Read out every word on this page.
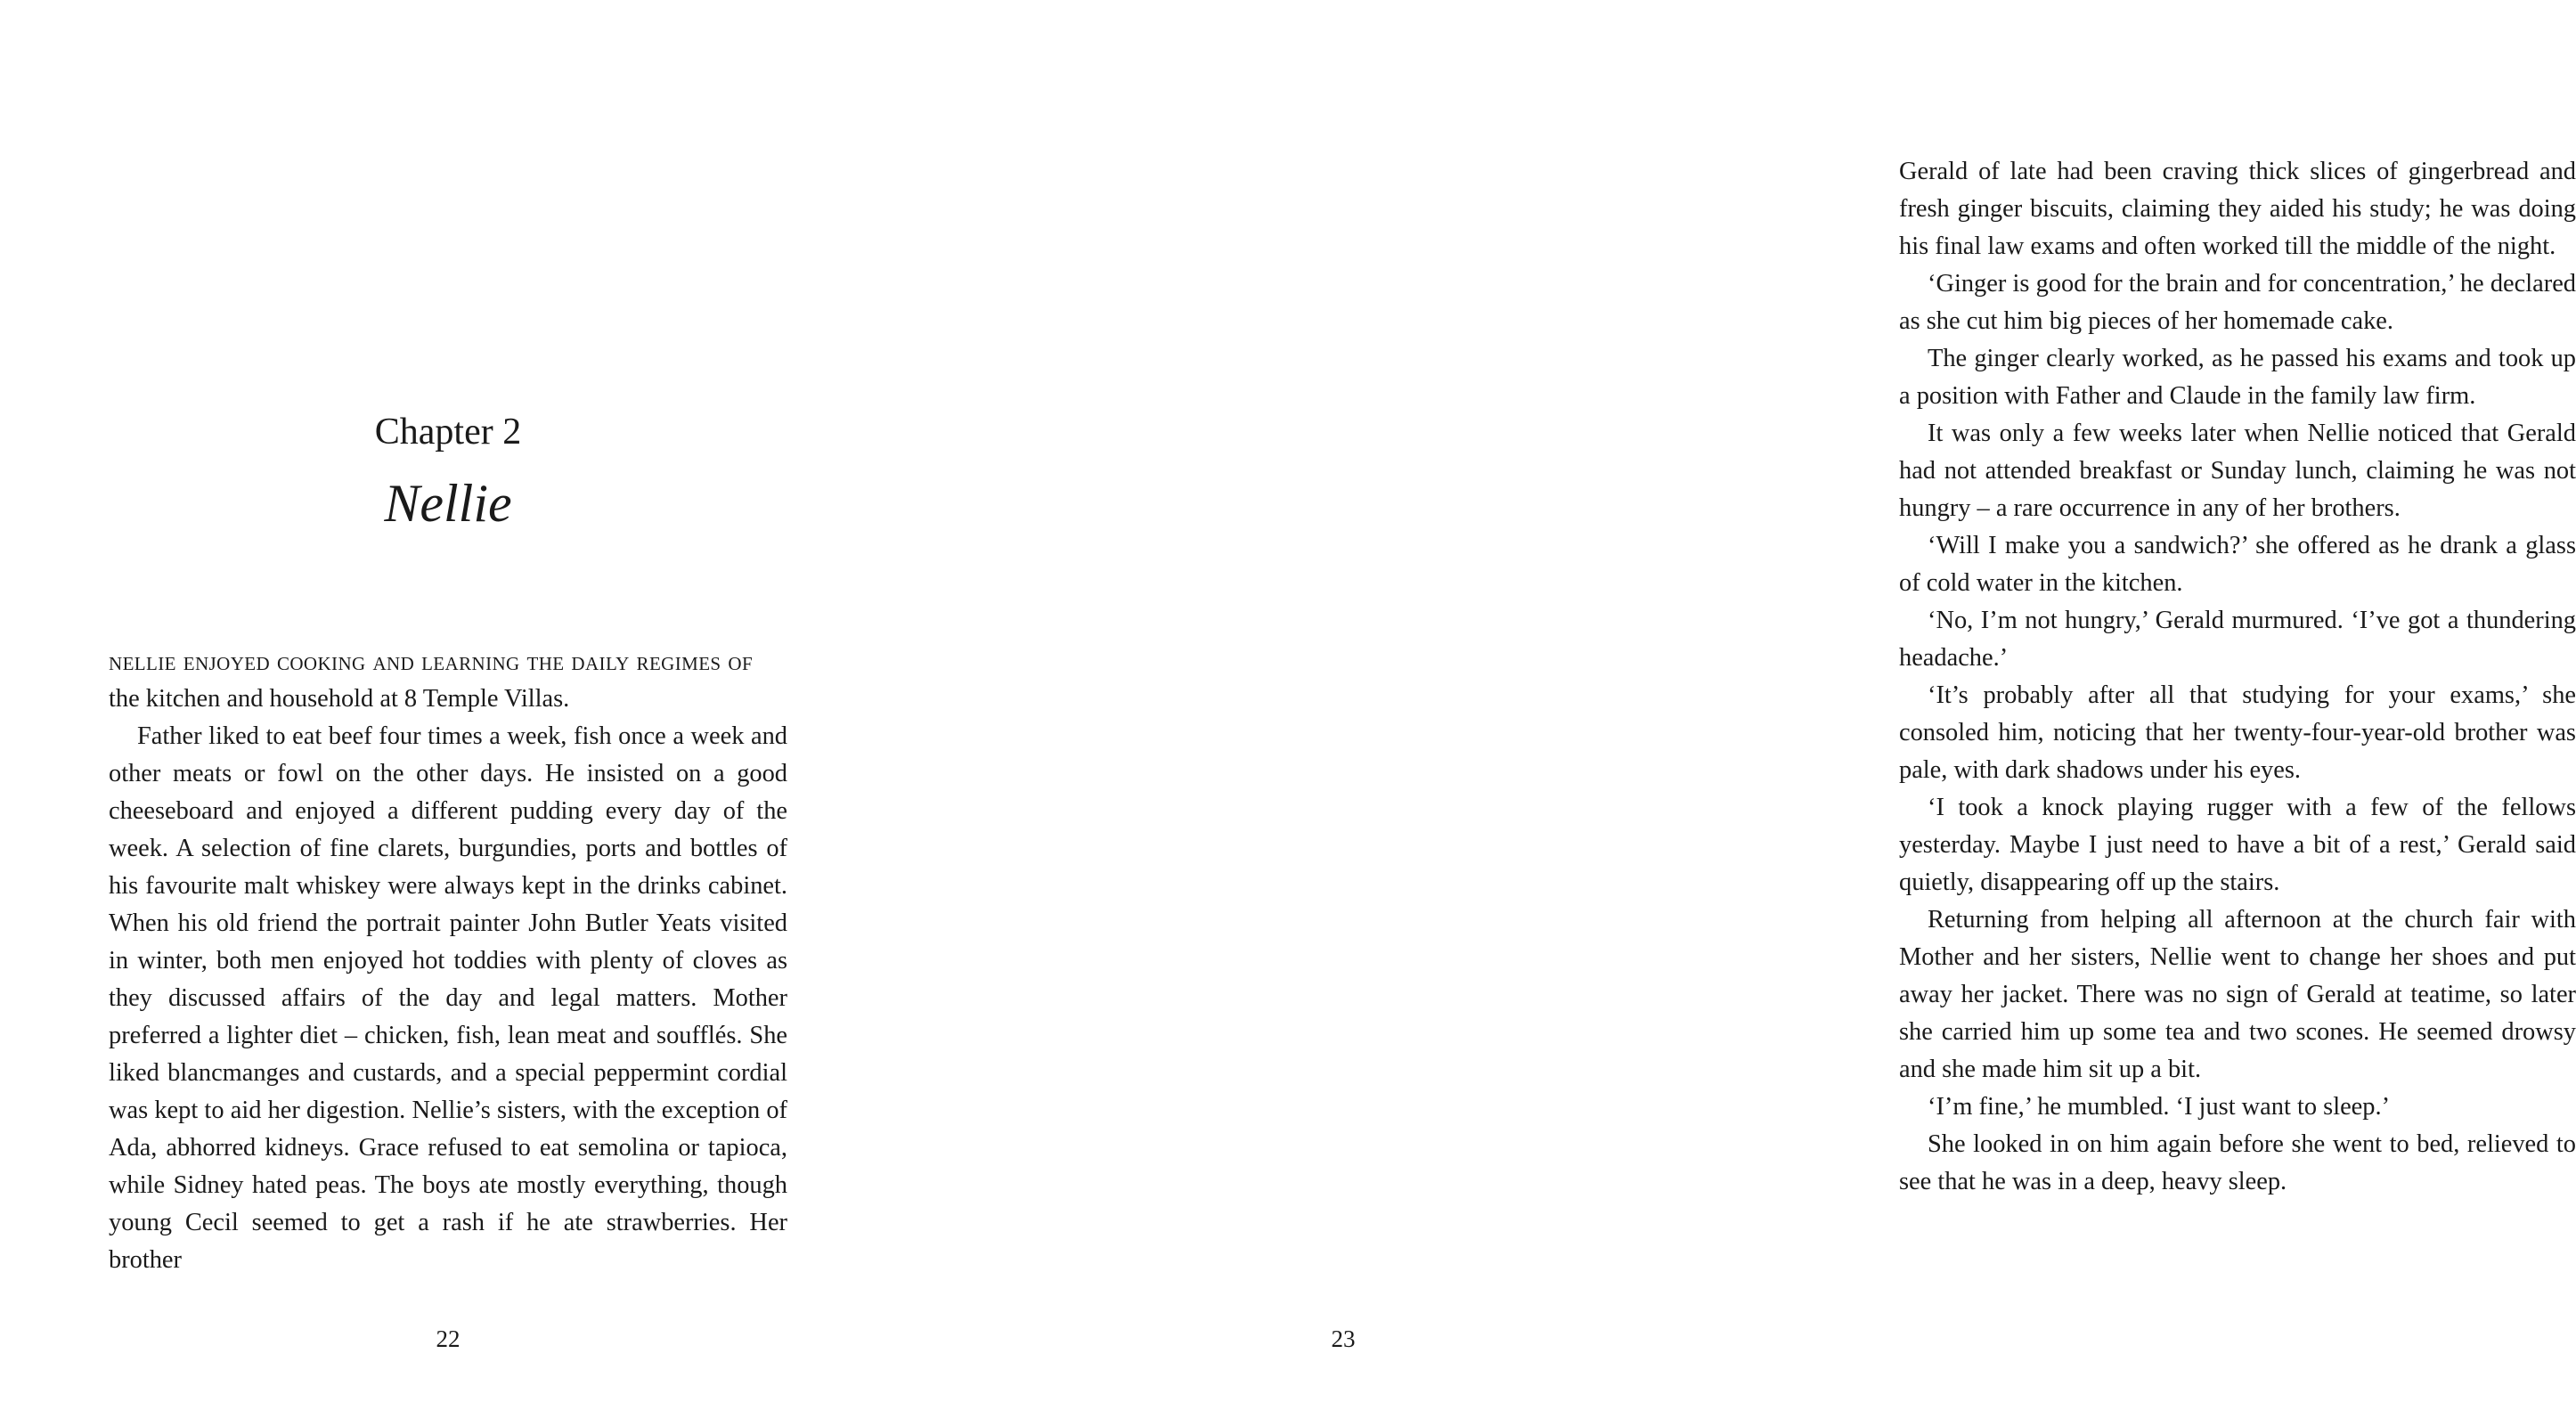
Chapter 2
Nellie

nellie enjoyed cooking and learning the daily regimes of

the kitchen and household at 8 Temple Villas.

Father liked to eat beef four times a week, fish once a week and other meats or fowl on the other days. He insisted on a good cheeseboard and enjoyed a different pudding every day of the week. A selection of fine clarets, burgundies, ports and bottles of his favourite malt whiskey were always kept in the drinks cabinet. When his old friend the portrait painter John Butler Yeats visited in winter, both men enjoyed hot toddies with plenty of cloves as they discussed affairs of the day and legal matters. Mother preferred a lighter diet – chicken, fish, lean meat and soufflés. She liked blancmanges and custards, and a special peppermint cordial was kept to aid her digestion. Nellie’s sisters, with the exception of Ada, abhorred kidneys. Grace refused to eat semolina or tapioca, while Sidney hated peas. The boys ate mostly everything, though young Cecil seemed to get a rash if he ate strawberries. Her brother

22

Gerald of late had been craving thick slices of gingerbread and fresh ginger biscuits, claiming they aided his study; he was doing his final law exams and often worked till the middle of the night.

‘Ginger is good for the brain and for concentration,’ he declared as she cut him big pieces of her homemade cake.

The ginger clearly worked, as he passed his exams and took up a position with Father and Claude in the family law firm.

It was only a few weeks later when Nellie noticed that Gerald had not attended breakfast or Sunday lunch, claiming he was not hungry – a rare occurrence in any of her brothers.

‘Will I make you a sandwich?’ she offered as he drank a glass of cold water in the kitchen.

‘No, I’m not hungry,’ Gerald murmured. ‘I’ve got a thundering headache.’

‘It’s probably after all that studying for your exams,’ she consoled him, noticing that her twenty-four-year-old brother was pale, with dark shadows under his eyes.

‘I took a knock playing rugger with a few of the fellows yesterday. Maybe I just need to have a bit of a rest,’ Gerald said quietly, disappearing off up the stairs.

Returning from helping all afternoon at the church fair with Mother and her sisters, Nellie went to change her shoes and put away her jacket. There was no sign of Gerald at teatime, so later she carried him up some tea and two scones. He seemed drowsy and she made him sit up a bit.

‘I’m fine,’ he mumbled. ‘I just want to sleep.’

She looked in on him again before she went to bed, relieved to see that he was in a deep, heavy sleep.

23
